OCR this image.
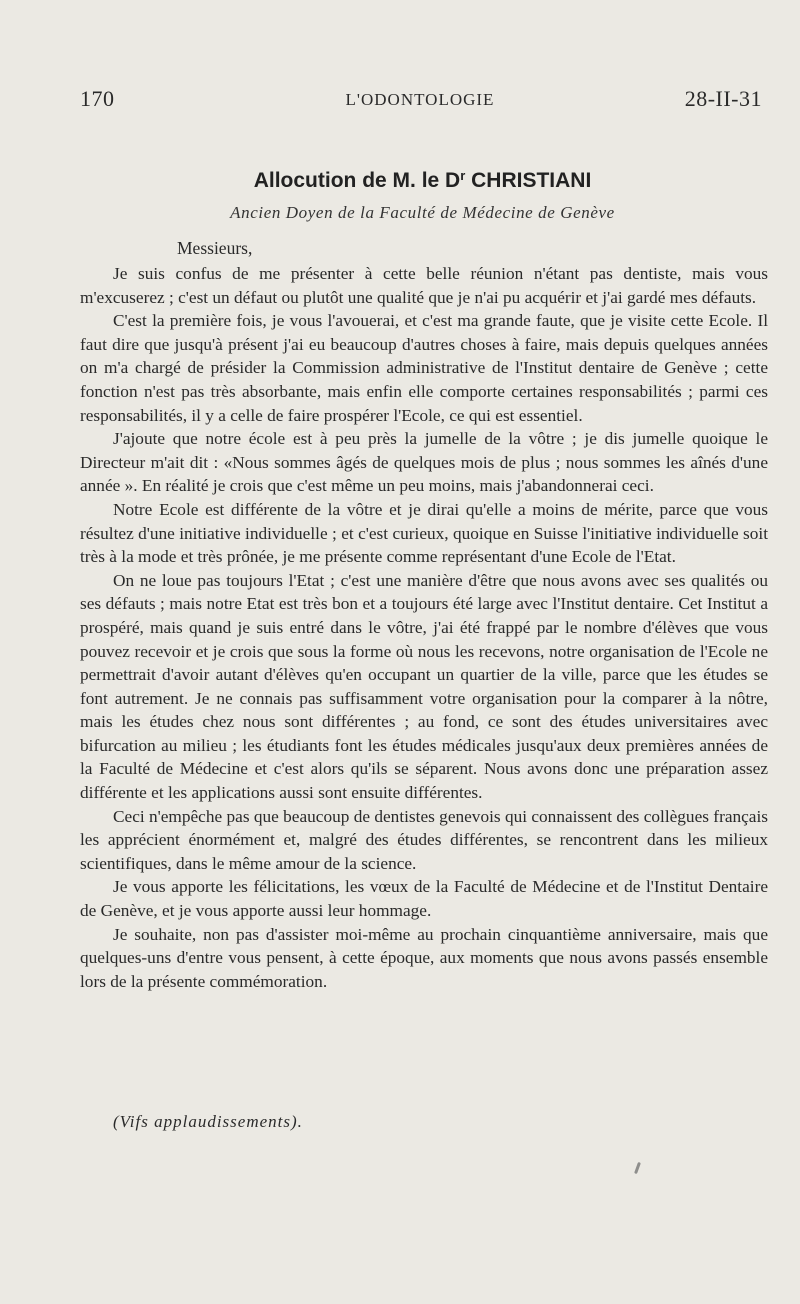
170	L'ODONTOLOGIE	28-II-31
Allocution de M. le $D^r$ CHRISTIANI
Ancien Doyen de la Faculté de Médecine de Genève
Messieurs,

Je suis confus de me présenter à cette belle réunion n'étant pas dentiste, mais vous m'excuserez ; c'est un défaut ou plutôt une qualité que je n'ai pu acquérir et j'ai gardé mes défauts.

C'est la première fois, je vous l'avouerai, et c'est ma grande faute, que je visite cette Ecole. Il faut dire que jusqu'à présent j'ai eu beaucoup d'autres choses à faire, mais depuis quelques années on m'a chargé de présider la Commission administrative de l'Institut dentaire de Genève ; cette fonction n'est pas très absorbante, mais enfin elle comporte certaines responsabilités ; parmi ces responsabilités, il y a celle de faire prospérer l'Ecole, ce qui est essentiel.

J'ajoute que notre école est à peu près la jumelle de la vôtre ; je dis jumelle quoique le Directeur m'ait dit : «Nous sommes âgés de quelques mois de plus ; nous sommes les aînés d'une année ». En réalité je crois que c'est même un peu moins, mais j'abandonnerai ceci.

Notre Ecole est différente de la vôtre et je dirai qu'elle a moins de mérite, parce que vous résultez d'une initiative individuelle ; et c'est curieux, quoique en Suisse l'initiative individuelle soit très à la mode et très prônée, je me présente comme représentant d'une Ecole de l'Etat.

On ne loue pas toujours l'Etat ; c'est une manière d'être que nous avons avec ses qualités ou ses défauts ; mais notre Etat est très bon et a toujours été large avec l'Institut dentaire. Cet Institut a prospéré, mais quand je suis entré dans le vôtre, j'ai été frappé par le nombre d'élèves que vous pouvez recevoir et je crois que sous la forme où nous les recevons, notre organisation de l'Ecole ne permettrait d'avoir autant d'élèves qu'en occupant un quartier de la ville, parce que les études se font autrement. Je ne connais pas suffisamment votre organisation pour la comparer à la nôtre, mais les études chez nous sont différentes ; au fond, ce sont des études universitaires avec bifurcation au milieu ; les étudiants font les études médicales jusqu'aux deux premières années de la Faculté de Médecine et c'est alors qu'ils se séparent. Nous avons donc une préparation assez différente et les applications aussi sont ensuite différentes.

Ceci n'empêche pas que beaucoup de dentistes genevois qui connaissent des collègues français les apprécient énormément et, malgré des études différentes, se rencontrent dans les milieux scientifiques, dans le même amour de la science.

Je vous apporte les félicitations, les vœux de la Faculté de Médecine et de l'Institut Dentaire de Genève, et je vous apporte aussi leur hommage.

Je souhaite, non pas d'assister moi-même au prochain cinquantième anniversaire, mais que quelques-uns d'entre vous pensent, à cette époque, aux moments que nous avons passés ensemble lors de la présente commémoration.

(Vifs applaudissements).
